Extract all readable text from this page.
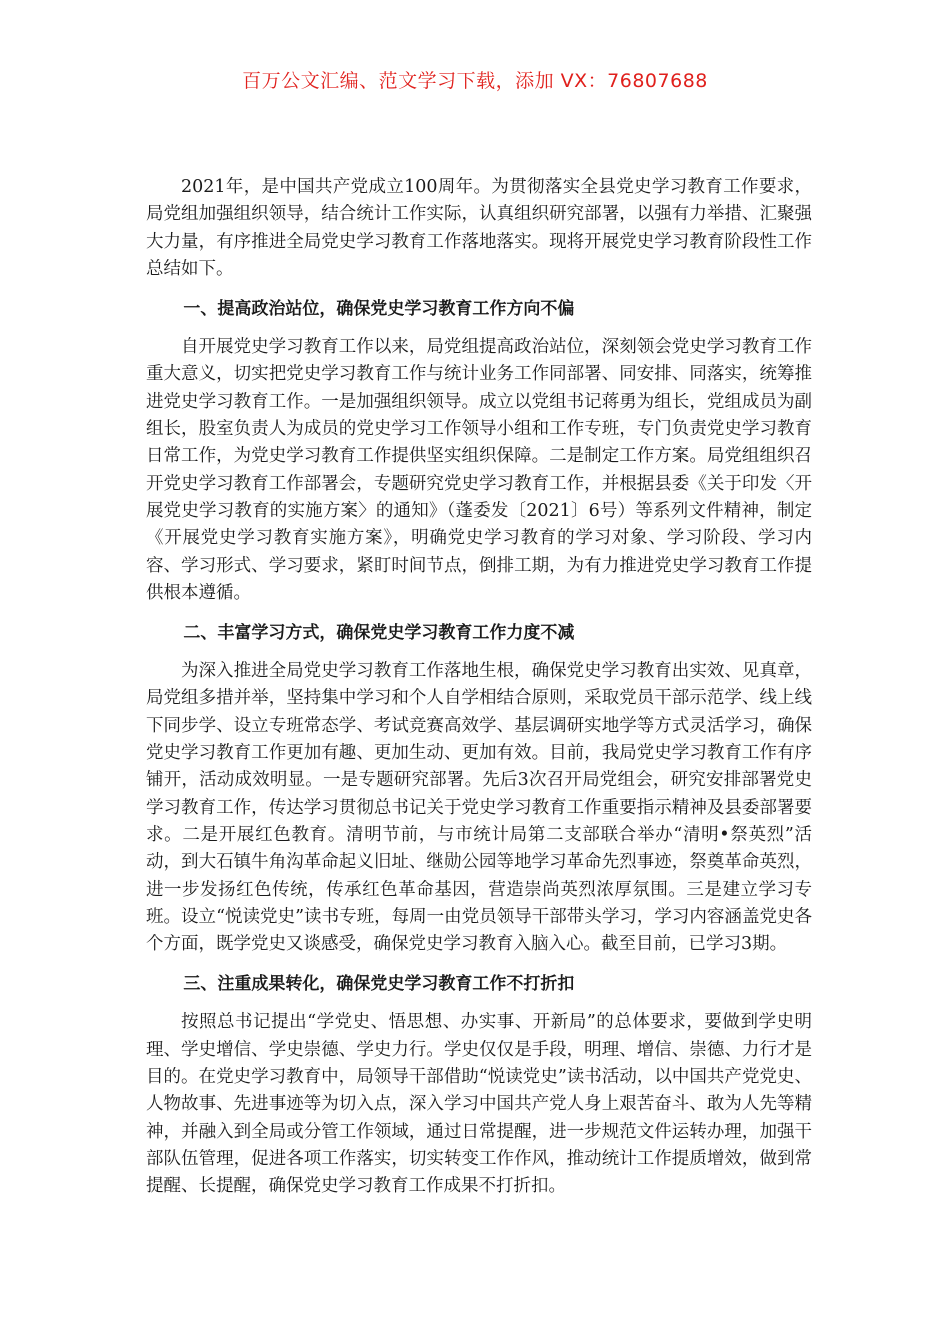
百万公文汇编、范文学习下载，添加 VX：76807688

2021年，是中国共产党成立100周年。为贯彻落实全县党史学习教育工作要求，局党组加强组织领导，结合统计工作实际，认真组织研究部署，以强有力举措、汇聚强大力量，有序推进全局党史学习教育工作落地落实。现将开展党史学习教育阶段性工作总结如下。

一、提高政治站位，确保党史学习教育工作方向不偏

自开展党史学习教育工作以来，局党组提高政治站位，深刻领会党史学习教育工作重大意义，切实把党史学习教育工作与统计业务工作同部署、同安排、同落实，统筹推进党史学习教育工作。一是加强组织领导。成立以党组书记蒋勇为组长，党组成员为副组长，股室负责人为成员的党史学习工作领导小组和工作专班，专门负责党史学习教育日常工作，为党史学习教育工作提供坚实组织保障。二是制定工作方案。局党组组织召开党史学习教育工作部署会，专题研究党史学习教育工作，并根据县委《关于印发〈开展党史学习教育的实施方案〉的通知》（蓬委发〔2021〕6号）等系列文件精神，制定《开展党史学习教育实施方案》，明确党史学习教育的学习对象、学习阶段、学习内容、学习形式、学习要求，紧盯时间节点，倒排工期，为有力推进党史学习教育工作提供根本遵循。

二、丰富学习方式，确保党史学习教育工作力度不减

为深入推进全局党史学习教育工作落地生根，确保党史学习教育出实效、见真章，局党组多措并举，坚持集中学习和个人自学相结合原则，采取党员干部示范学、线上线下同步学、设立专班常态学、考试竞赛高效学、基层调研实地学等方式灵活学习，确保党史学习教育工作更加有趣、更加生动、更加有效。目前，我局党史学习教育工作有序铺开，活动成效明显。一是专题研究部署。先后3次召开局党组会，研究安排部署党史学习教育工作，传达学习贯彻总书记关于党史学习教育工作重要指示精神及县委部署要求。二是开展红色教育。清明节前，与市统计局第二支部联合举办“清明•祭英烈”活动，到大石镇牛角沟革命起义旧址、继勋公园等地学习革命先烈事迹，祭奠革命英烈，进一步发扬红色传统，传承红色革命基因，营造崇尚英烈浓厚氛围。三是建立学习专班。设立“悦读党史”读书专班，每周一由党员领导干部带头学习，学习内容涵盖党史各个方面，既学党史又谈感受，确保党史学习教育入脑入心。截至目前，已学习3期。

三、注重成果转化，确保党史学习教育工作不打折扣

按照总书记提出“学党史、悟思想、办实事、开新局”的总体要求，要做到学史明理、学史增信、学史崇德、学史力行。学史仅仅是手段，明理、增信、崇德、力行才是目的。在党史学习教育中，局领导干部借助“悦读党史”读书活动，以中国共产党党史、人物故事、先进事迹等为切入点，深入学习中国共产党人身上艰苦奋斗、敢为人先等精神，并融入到全局或分管工作领域，通过日常提醒，进一步规范文件运转办理，加强干部队伍管理，促进各项工作落实，切实转变工作作风，推动统计工作提质增效，做到常提醒、长提醒，确保党史学习教育工作成果不打折扣。
